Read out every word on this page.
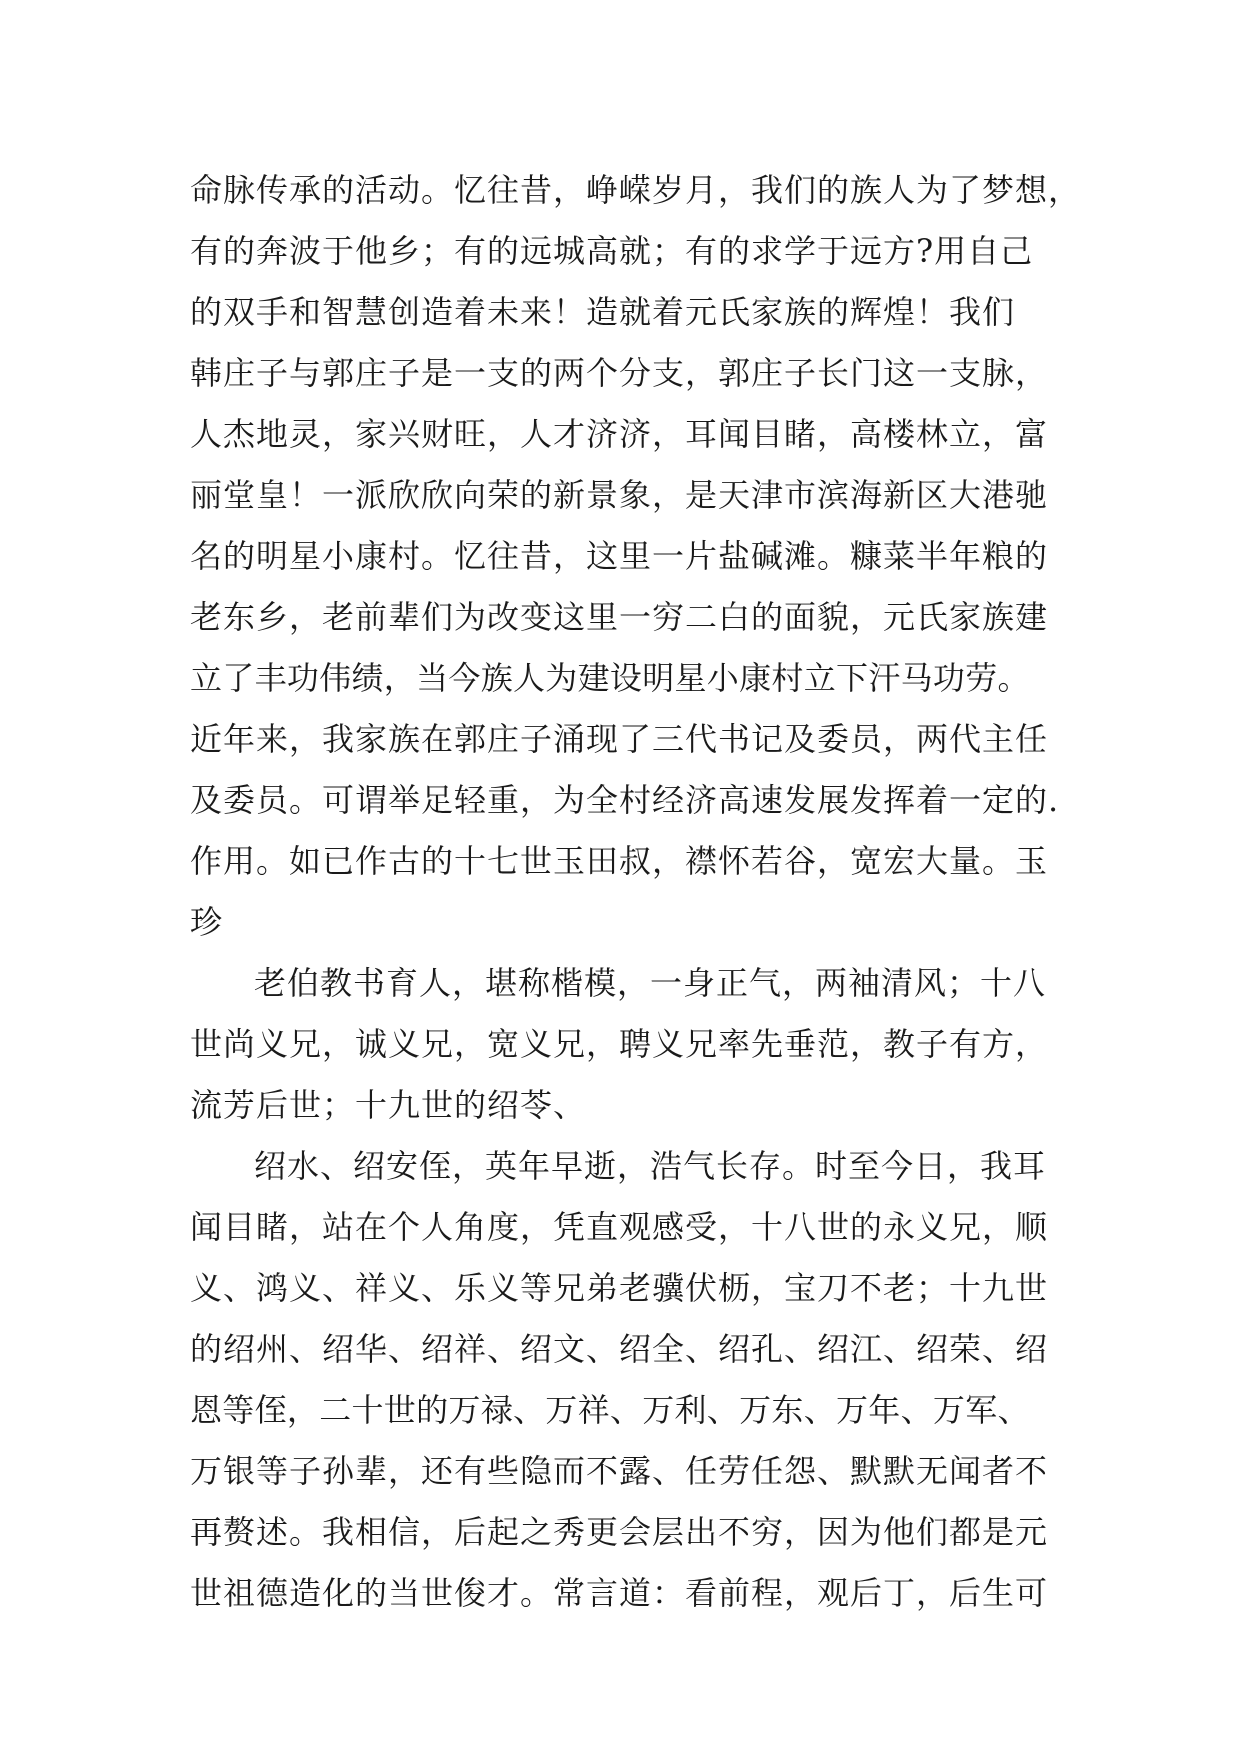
命脉传承的活动。忆往昔，峥嵘岁月，我们的族人为了梦想，
有的奔波于他乡；有的远城高就；有的求学于远方?用自己
的双手和智慧创造着未来！造就着元氏家族的辉煌！我们
韩庄子与郭庄子是一支的两个分支，郭庄子长门这一支脉，
人杰地灵，家兴财旺，人才济济，耳闻目睹，高楼林立，富
丽堂皇！一派欣欣向荣的新景象，是天津市滨海新区大港驰
名的明星小康村。忆往昔，这里一片盐碱滩。糠菜半年粮的
老东乡，老前辈们为改变这里一穷二白的面貌，元氏家族建
立了丰功伟绩，当今族人为建设明星小康村立下汗马功劳。
近年来，我家族在郭庄子涌现了三代书记及委员，两代主任
及委员。可谓举足轻重，为全村经济高速发展发挥着一定的.
作用。如已作古的十七世玉田叔，襟怀若谷，宽宏大量。玉
珍
老伯教书育人，堪称楷模，一身正气，两袖清风；十八
世尚义兄，诚义兄，宽义兄，聘义兄率先垂范，教子有方，
流芳后世；十九世的绍苓、
绍水、绍安侄，英年早逝，浩气长存。时至今日，我耳
闻目睹，站在个人角度，凭直观感受，十八世的永义兄，顺
义、鸿义、祥义、乐义等兄弟老骥伏枥，宝刀不老；十九世
的绍州、绍华、绍祥、绍文、绍全、绍孔、绍江、绍荣、绍
恩等侄，二十世的万禄、万祥、万利、万东、万年、万军、
万银等子孙辈，还有些隐而不露、任劳任怨、默默无闻者不
再赘述。我相信，后起之秀更会层出不穷，因为他们都是元
世祖德造化的当世俊才。常言道：看前程，观后丁，后生可
